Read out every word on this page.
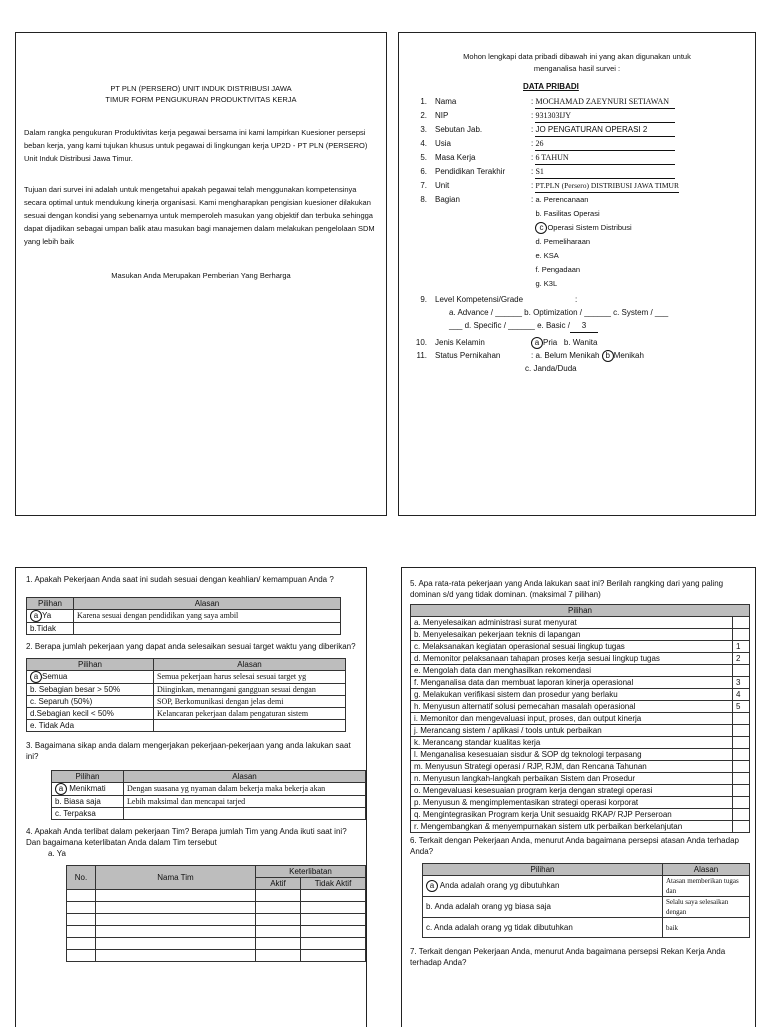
PT PLN (PERSERO) UNIT INDUK DISTRIBUSI JAWA

TIMUR FORM PENGUKURAN PRODUKTIVITAS KERJA

Dalam rangka pengukuran Produktivitas kerja pegawai bersama ini kami lampirkan Kuesioner persepsi beban kerja, yang kami tujukan khusus untuk pegawai di lingkungan kerja UP2D - PT PLN (PERSERO) Unit Induk Distribusi Jawa Timur.

Tujuan dari survei ini adalah untuk mengetahui apakah pegawai telah menggunakan kompetensinya secara optimal untuk mendukung kinerja organisasi. Kami mengharapkan pengisian kuesioner dilakukan sesuai dengan kondisi yang sebenarnya untuk memperoleh masukan yang objektif dan terbuka sehingga dapat dijadikan sebagai umpan balik atau masukan bagi manajemen dalam melakukan pengelolaan SDM yang lebih baik

Masukan Anda Merupakan Pemberian Yang Berharga

Mohon lengkapi data pribadi dibawah ini yang akan digunakan untuk

menganalisa hasil survei :

DATA PRIBADI

1.	Nama	: MOCHAMAD ZAEYNURI SETIAWAN
2.	NIP	: 931303IJY
3.	Sebutan Jab.	: JO PENGATURAN OPERASI 2
4.	Usia	: 26
5.	Masa Kerja	: 6 TAHUN
6.	Pendidikan Terakhir	: S1
7.	Unit	: PT.PLN (Persero) DISTRIBUSI JAWA TIMUR
8.	Bagian	: a. Perencanaan
b. Fasilitas Operasi
c Operasi Sistem Distribusi
d. Pemeliharaan
e. KSA
f. Pengadaan
g. K3L
9.	Level Kompetensi/Grade	:
a. Advance / ______ b. Optimization / ______ c. System / ___
___ d. Specific / ______ e. Basic /	3
10.	Jenis Kelamin	a Pria b. Wanita
11.	Status Pernikahan	: a. Belum Menikah b Menikah
c. Janda/Duda

1. Apakah Pekerjaan Anda saat ini sudah sesuai dengan keahlian/ kemampuan Anda ?

Pilihan	Alasan
a Ya	Karena sesuai dengan pendidikan yang saya ambil
b.Tidak	

2. Berapa jumlah pekerjaan yang dapat anda selesaikan sesuai target waktu yang diberikan?

Pilihan	Alasan
a Semua	Semua pekerjaan harus selesai sesuai target yg
b. Sebagian besar > 50%	Diinginkan, menanngani gangguan sesuai dengan
c. Separuh (50%)	SOP, Berkomunikasi dengan jelas demi
d.Sebagian kecil < 50%	Kelancaran pekerjaan dalam pengaturan sistem
e. Tidak Ada	

3. Bagaimana sikap anda dalam mengerjakan pekerjaan-pekerjaan yang anda lakukan saat ini?

Pilihan	Alasan
a Menikmati	Dengan suasana yg nyaman dalam bekerja maka bekerja akan
b. Biasa saja	Lebih maksimal dan mencapai tarjed
c. Terpaksa	

4. Apakah Anda terlibat dalam pekerjaan Tim? Berapa jumlah Tim yang Anda ikuti saat ini? Dan bagaimana keterlibatan Anda dalam Tim tersebut

a. Ya

No.	Nama Tim	Keterlibatan	
		Aktif	Tidak Aktif

5. Apa rata-rata pekerjaan yang Anda lakukan saat ini? Berilah rangking dari yang paling dominan s/d yang tidak dominan. (maksimal 7 pilihan)

Pilihan	
a. Menyelesaikan administrasi surat menyurat	
b. Menyelesaikan pekerjaan teknis di lapangan	
c. Melaksanakan kegiatan operasional sesuai lingkup tugas	1
d. Memonitor pelaksanaan tahapan proses kerja sesuai lingkup tugas	2
e. Mengolah data dan menghasilkan rekomendasi	
f. Menganalisa data dan membuat laporan kinerja operasional	3
g. Melakukan verifikasi sistem dan prosedur yang berlaku	4
h. Menyusun alternatif solusi pemecahan masalah operasional	5
i. Memonitor dan mengevaluasi input, proses, dan output kinerja	
j. Merancang sistem / aplikasi / tools untuk perbaikan	
k. Merancang standar kualitas kerja	
l. Menganalisa kesesuaian sisdur & SOP dg teknologi terpasang	
m. Menyusun Strategi operasi / RJP, RJM, dan Rencana Tahunan	
n. Menyusun langkah-langkah perbaikan Sistem dan Prosedur	
o. Mengevaluasi kesesuaian program kerja dengan strategi operasi	
p. Menyusun & mengimplementasikan strategi operasi korporat	
q. Mengintegrasikan Program kerja Unit sesuaidg RKAP/ RJP Perseroan	
r. Mengembangkan & menyempurnakan sistem utk perbaikan berkelanjutan	

6. Terkait dengan Pekerjaan Anda, menurut Anda bagaimana persepsi atasan Anda terhadap Anda?

Pilihan	Alasan
a Anda adalah orang yg dibutuhkan	Atasan memberikan tugas dan
b. Anda adalah orang yg biasa saja	Selalu saya selesaikan dengan
c. Anda adalah orang yg tidak dibutuhkan	baik

7. Terkait dengan Pekerjaan Anda, menurut Anda bagaimana persepsi Rekan Kerja Anda terhadap Anda?
